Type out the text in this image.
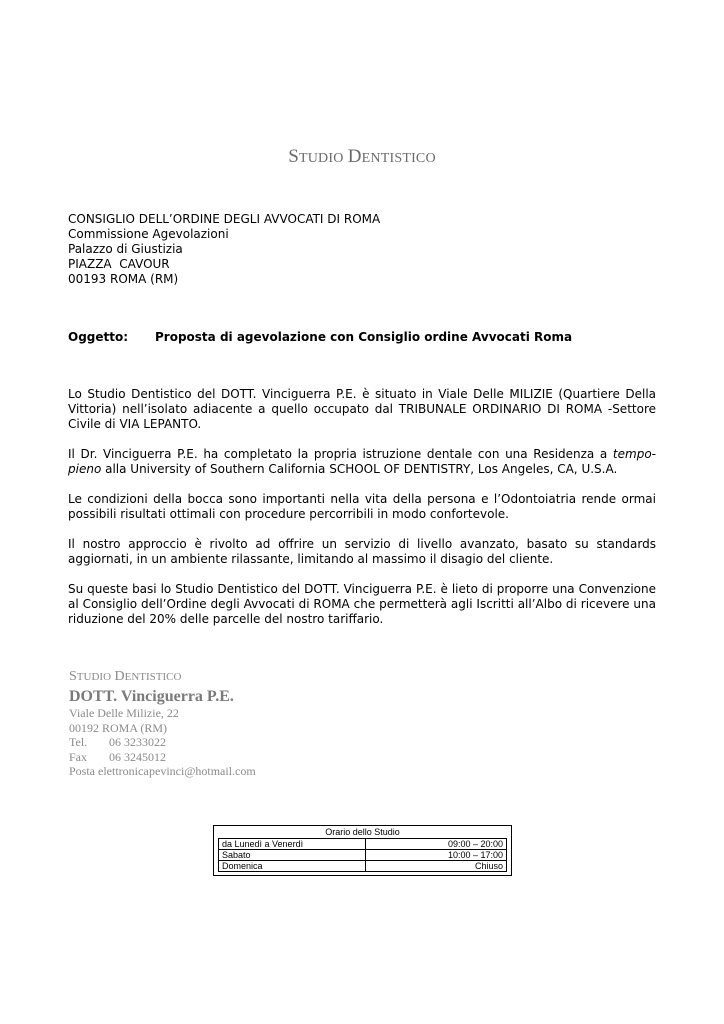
STUDIO DENTISTICO
CONSIGLIO DELL’ORDINE DEGLI AVVOCATI DI ROMA
Commissione Agevolazioni
Palazzo di Giustizia
PIAZZA  CAVOUR
00193 ROMA (RM)
Oggetto: Proposta di agevolazione con Consiglio ordine Avvocati Roma

Lo Studio Dentistico del DOTT. Vinciguerra P.E. è situato in Viale Delle MILIZIE (Quartiere Della Vittoria) nell’isolato adiacente a quello occupato dal TRIBUNALE ORDINARIO DI ROMA -Settore Civile di VIA LEPANTO.

Il Dr. Vinciguerra P.E. ha completato la propria istruzione dentale con una Residenza a tempo-pieno alla University of Southern California SCHOOL OF DENTISTRY, Los Angeles, CA, U.S.A.

Le condizioni della bocca sono importanti nella vita della persona e l’Odontoiatria rende ormai possibili risultati ottimali con procedure percorribili in modo confortevole.

Il nostro approccio è rivolto ad offrire un servizio di livello avanzato, basato su standards aggiornati, in un ambiente rilassante, limitando al massimo il disagio del cliente.

Su queste basi lo Studio Dentistico del DOTT. Vinciguerra P.E. è lieto di proporre una Convenzione al Consiglio dell’Ordine degli Avvocati di ROMA che permetterà agli Iscritti all’Albo di ricevere una riduzione del 20% delle parcelle del nostro tariffario.

STUDIO DENTISTICO
DOTT. Vinciguerra P.E.
Viale Delle Milizie, 22
00192 ROMA (RM)
Tel. 06 3233022
Fax 06 3245012
Posta elettronicapevinci@hotmail.com
Orario dello Studio
da Lunedì a Venerdì	09:00 – 20:00
Sabato	10:00 – 17:00
Domenica	Chiuso
